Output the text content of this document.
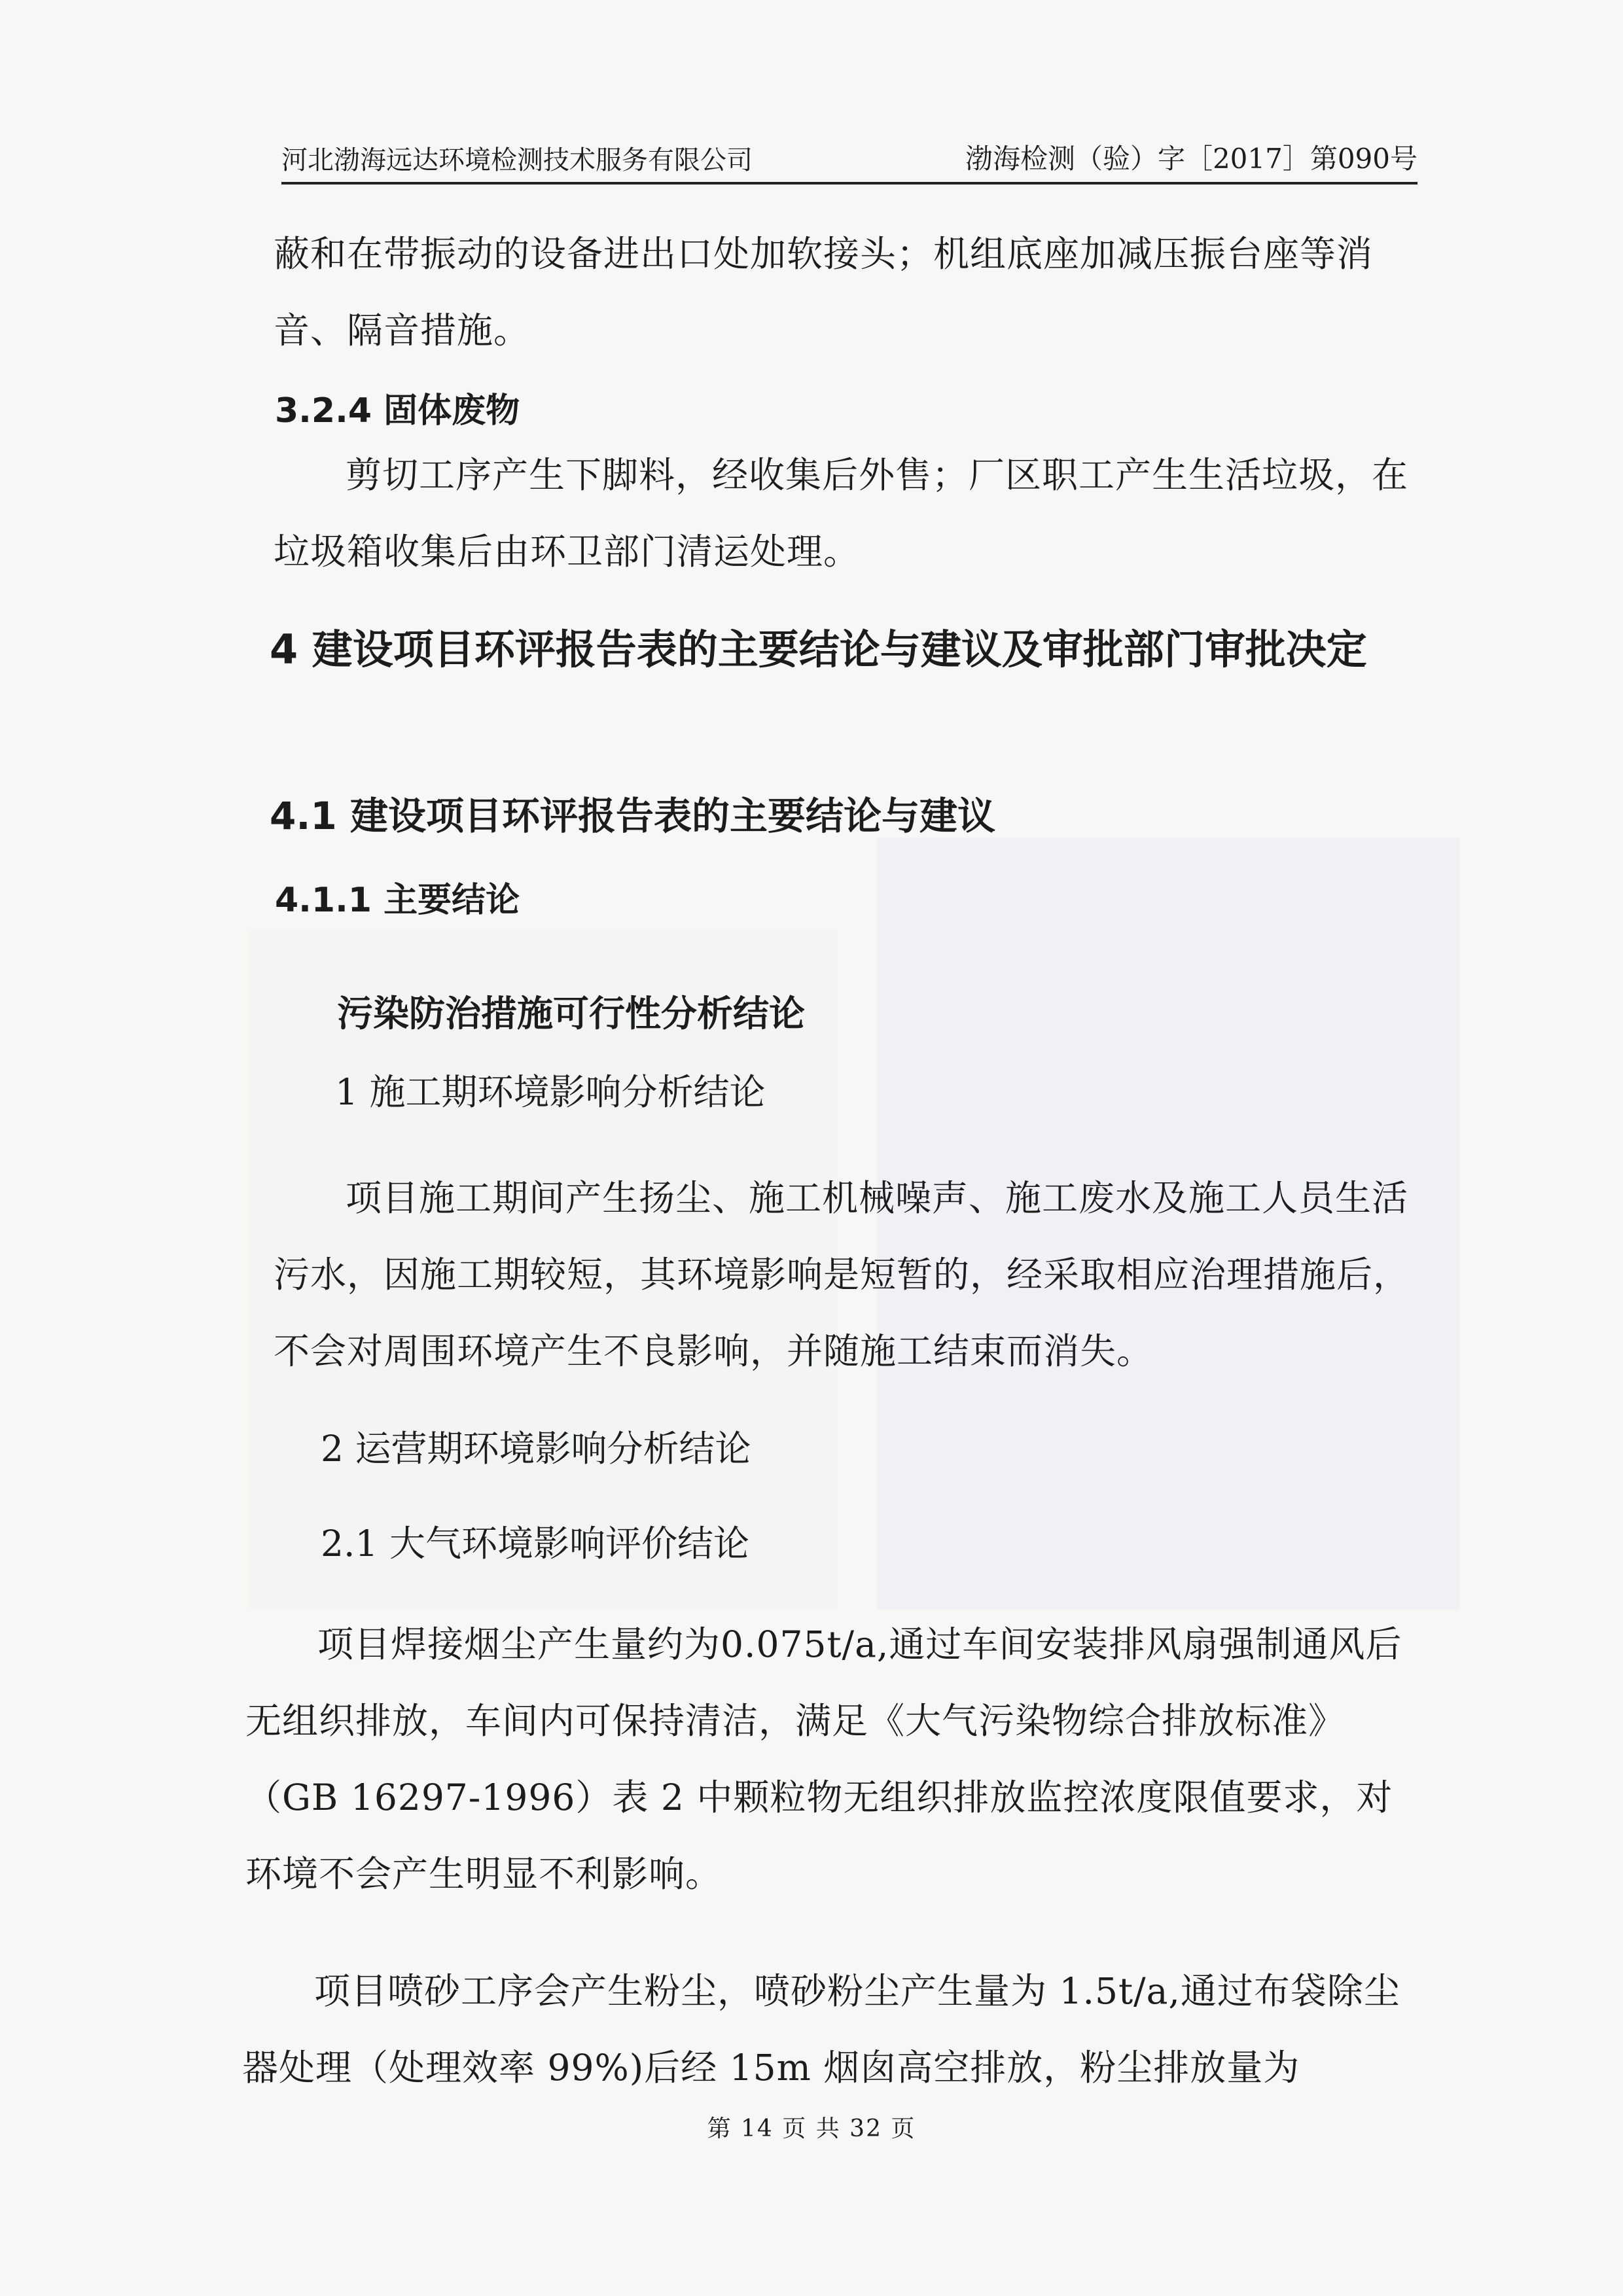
河北渤海远达环境检测技术服务有限公司	渤海检测（验）字［2017］第090号

蔽和在带振动的设备进出口处加软接头；机组底座加减压振台座等消音、隔音措施。

3.2.4 固体废物

剪切工序产生下脚料，经收集后外售；厂区职工产生生活垃圾，在垃圾箱收集后由环卫部门清运处理。

4 建设项目环评报告表的主要结论与建议及审批部门审批决定

4.1 建设项目环评报告表的主要结论与建议
4.1.1 主要结论
污染防治措施可行性分析结论
1 施工期环境影响分析结论

项目施工期间产生扬尘、施工机械噪声、施工废水及施工人员生活污水，因施工期较短，其环境影响是短暂的，经采取相应治理措施后，不会对周围环境产生不良影响，并随施工结束而消失。

2 运营期环境影响分析结论
2.1 大气环境影响评价结论

项目焊接烟尘产生量约为0.075t/a,通过车间安装排风扇强制通风后无组织排放，车间内可保持清洁，满足《大气污染物综合排放标准》（GB 16297-1996）表 2 中颗粒物无组织排放监控浓度限值要求，对环境不会产生明显不利影响。

项目喷砂工序会产生粉尘，喷砂粉尘产生量为 1.5t/a,通过布袋除尘器处理（处理效率 99%)后经 15m 烟囱高空排放，粉尘排放量为

第 14 页 共 32 页
